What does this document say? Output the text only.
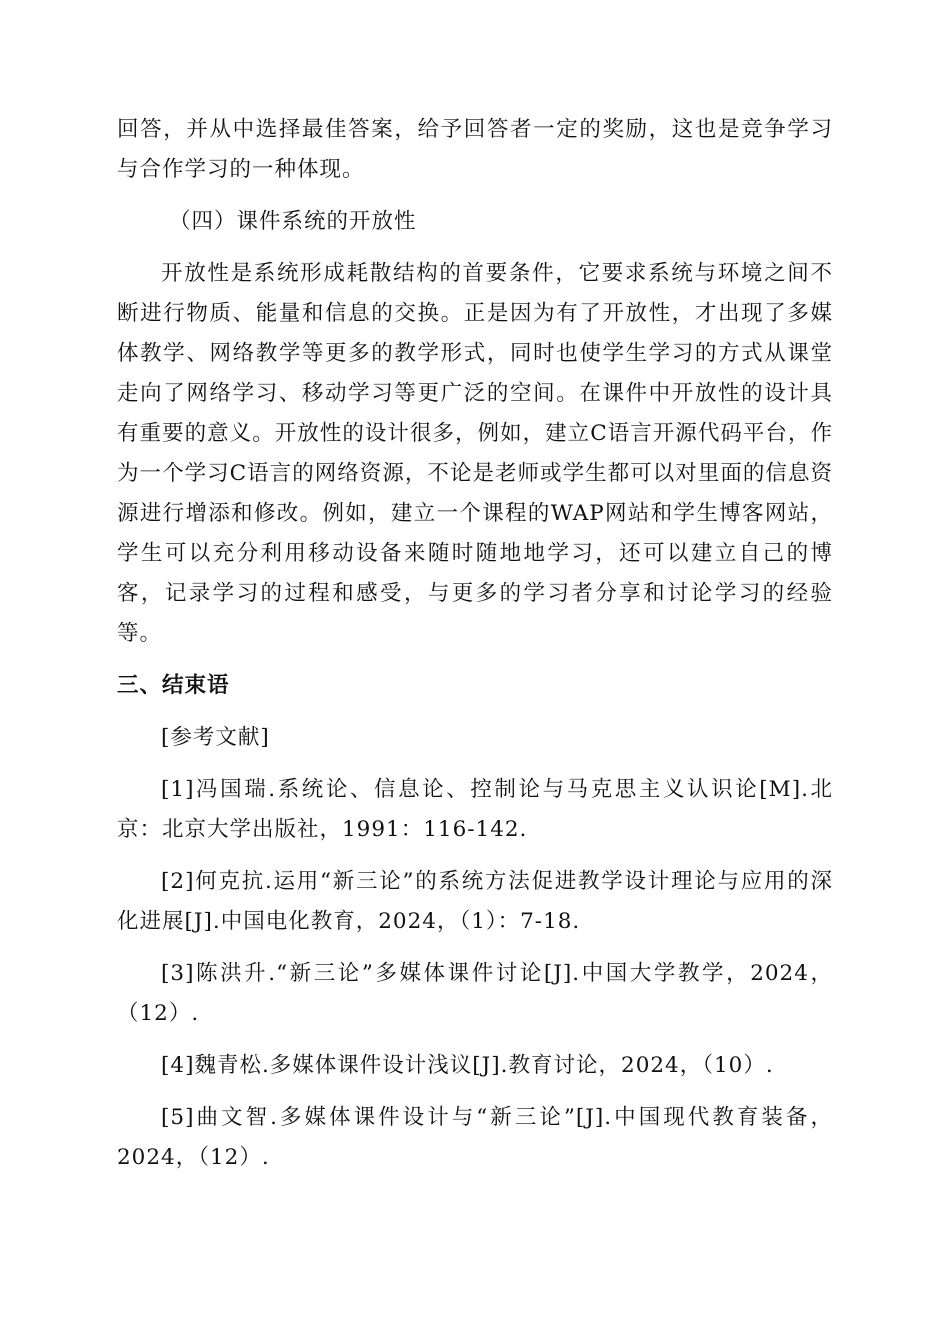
回答，并从中选择最佳答案，给予回答者一定的奖励，这也是竞争学习与合作学习的一种体现。

（四）课件系统的开放性

开放性是系统形成耗散结构的首要条件，它要求系统与环境之间不断进行物质、能量和信息的交换。正是因为有了开放性，才出现了多媒体教学、网络教学等更多的教学形式，同时也使学生学习的方式从课堂走向了网络学习、移动学习等更广泛的空间。在课件中开放性的设计具有重要的意义。开放性的设计很多，例如，建立C语言开源代码平台，作为一个学习C语言的网络资源，不论是老师或学生都可以对里面的信息资源进行增添和修改。例如，建立一个课程的WAP网站和学生博客网站，学生可以充分利用移动设备来随时随地地学习，还可以建立自己的博客，记录学习的过程和感受，与更多的学习者分享和讨论学习的经验等。

三、结束语

[参考文献]

[1]冯国瑞.系统论、信息论、控制论与马克思主义认识论[M].北京：北京大学出版社，1991：116-142.

[2]何克抗.运用“新三论”的系统方法促进教学设计理论与应用的深化进展[J].中国电化教育，2024，（1）：7-18.

[3]陈洪升.“新三论”多媒体课件讨论[J].中国大学教学，2024，（12）.

[4]魏青松.多媒体课件设计浅议[J].教育讨论，2024，（10）.

[5]曲文智.多媒体课件设计与“新三论”[J].中国现代教育装备，2024，（12）.
